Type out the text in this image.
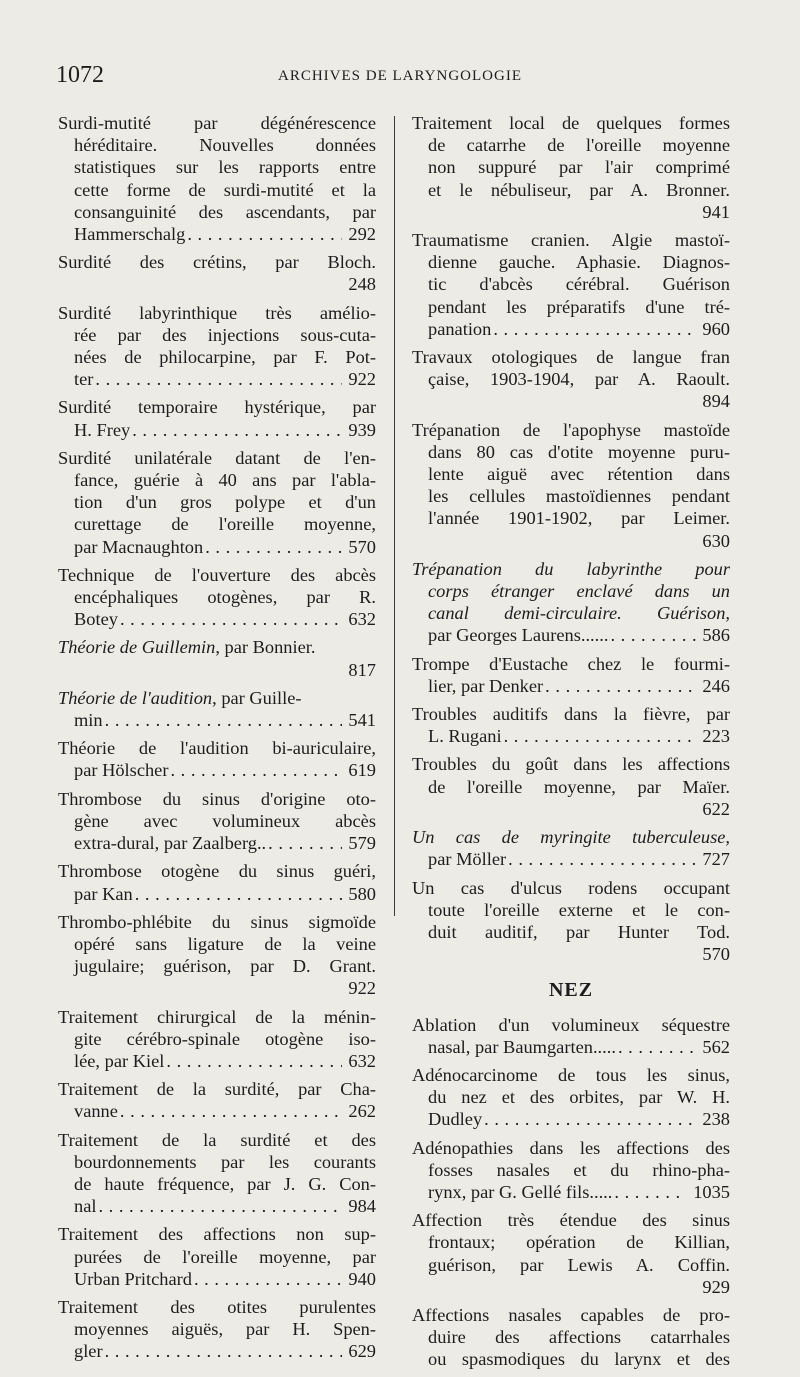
1072	ARCHIVES DE LARYNGOLOGIE
Surdi-mutité par dégénérescence
héréditaire. Nouvelles données
statistiques sur les rapports entre
cette forme de surdi-mutité et la
consanguinité des ascendants, par
Hammerschalg . . .	292
Surdité des crétins, par Bloch.
248
Surdité labyrinthique très amélio-
rée par des injections sous-cuta-
nées de philocarpine, par F. Pot-
ter . . .	922
Surdité temporaire hystérique, par
H. Frey . . .	939
Surdité unilatérale datant de l'en-
fance, guérie à 40 ans par l'abla-
tion d'un gros polype et d'un
curettage de l'oreille moyenne,
par Macnaughton . . .	570
Technique de l'ouverture des abcès
encéphaliques otogènes, par R.
Botey . . .	632
Théorie de Guillemin, par Bonnier.
817
Théorie de l'audition, par Guille-
min . . .	541
Théorie de l'audition bi-auriculaire,
par Hölscher . . .	619
Thrombose du sinus d'origine oto-
gène avec volumineux abcès
extra-dural, par Zaalberg.. . . .	579
Thrombose otogène du sinus guéri,
par Kan . . .	580
Thrombo-phlébite du sinus sigmoïde
opéré sans ligature de la veine
jugulaire; guérison, par D. Grant.
922
Traitement chirurgical de la ménin-
gite cérébro-spinale otogène iso-
lée, par Kiel . . .	632
Traitement de la surdité, par Cha-
vanne . . .	262
Traitement de la surdité et des
bourdonnements par les courants
de haute fréquence, par J. G. Con-
nal . . .	984
Traitement des affections non sup-
purées de l'oreille moyenne, par
Urban Pritchard . . .	940
Traitement des otites purulentes
moyennes aiguës, par H. Spen-
gler . . .	629
Traitement local de quelques formes
de catarrhe de l'oreille moyenne
non suppuré par l'air comprimé
et le nébuliseur, par A. Bronner.
941
Traumatisme cranien. Algie mastoï-
dienne gauche. Aphasie. Diagnos-
tic d'abcès cérébral. Guérison
pendant les préparatifs d'une tré-
panation . . .	960
Travaux otologiques de langue fran
çaise, 1903-1904, par A. Raoult.
894
Trépanation de l'apophyse mastoïde
dans 80 cas d'otite moyenne puru-
lente aiguë avec rétention dans
les cellules mastoïdiennes pendant
l'année 1901-1902, par Leimer.
630
Trépanation du labyrinthe pour
corps étranger enclavé dans un
canal demi-circulaire. Guérison,
par Georges Laurens...... . . .	586
Trompe d'Eustache chez le fourmi-
lier, par Denker . . .	246
Troubles auditifs dans la fièvre, par
L. Rugani . . .	223
Troubles du goût dans les affections
de l'oreille moyenne, par Maïer.
622
Un cas de myringite tuberculeuse,
par Möller . . .	727
Un cas d'ulcus rodens occupant
toute l'oreille externe et le con-
duit auditif, par Hunter Tod.
570
NEZ
Ablation d'un volumineux séquestre
nasal, par Baumgarten..... . . .	562
Adénocarcinome de tous les sinus,
du nez et des orbites, par W. H.
Dudley . . .	238
Adénopathies dans les affections des
fosses nasales et du rhino-pha-
rynx, par G. Gellé fils..... . . .	1035
Affection très étendue des sinus
frontaux; opération de Killian,
guérison, par Lewis A. Coffin.
929
Affections nasales capables de pro-
duire des affections catarrhales
ou spasmodiques du larynx et des
